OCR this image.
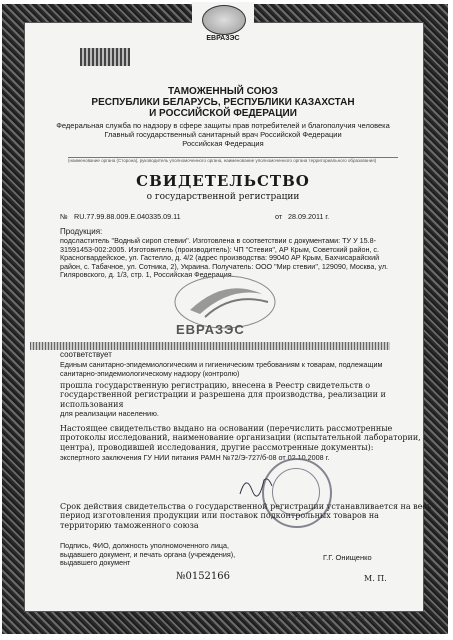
ЕВРАЗЭС
ТАМОЖЕННЫЙ СОЮЗ
РЕСПУБЛИКИ БЕЛАРУСЬ, РЕСПУБЛИКИ КАЗАХСТАН
И РОССИЙСКОЙ ФЕДЕРАЦИИ
Федеральная служба по надзору в сфере защиты прав потребителей и благополучия человека
Главный государственный санитарный врач Российской Федерации
Российская Федерация
(наименование органа (Сторона), руководитель уполномоченного органа, наименование уполномоченного органа территориального образования)
СВИДЕТЕЛЬСТВО
о государственной регистрации
№ RU.77.99.88.009.Е.040335.09.11	от 28.09.2011 г.
Продукция:
подсластитель "Водный сироп стевии". Изготовлена в соответствии с документами: ТУ У 15.8-
31591453-002:2005. Изготовитель (производитель): ЧП "Стевия", АР Крым, Советский район, с.
Красногвардейское, ул. Гастелло, д. 4/2 (адрес производства: 99040 АР Крым, Бахчисарайский
район, с. Табачное, ул. Сотника, 2), Украина. Получатель: ООО "Мир стевии", 129090, Москва, ул.
Гиляровского, д. 1/3, стр. 1, Российская Федерация.
ЕВРАЗЭС
соответствует
Единым санитарно-эпидемиологическим и гигиеническим требованиям к товарам, подлежащим
санитарно-эпидемиологическому надзору (контролю)
прошла государственную регистрацию, внесена в Реестр свидетельств о
государственной регистрации и разрешена для производства, реализации и
использования
для реализации населению.
Настоящее свидетельство выдано на основании (перечислить рассмотренные
протоколы исследований, наименование организации (испытательной лаборатории,
центра), проводившей исследования, другие рассмотренные документы):
экспертного заключения ГУ НИИ питания РАМН №72/Э-727/б-08 от 02.10.2008 г.
Срок действия свидетельства о государственной регистрации устанавливается на весь
период изготовления продукции или поставок подконтрольных товаров на
территорию таможенного союза
Подпись, ФИО, должность уполномоченного лица,
выдавшего документ, и печать органа (учреждения),
выдавшего документ
Г.Г. Онищенко
№0152166	М. П.
© ЗАО «Первый печатный двор», г. Москва, 2011 г., уровень «Б»
